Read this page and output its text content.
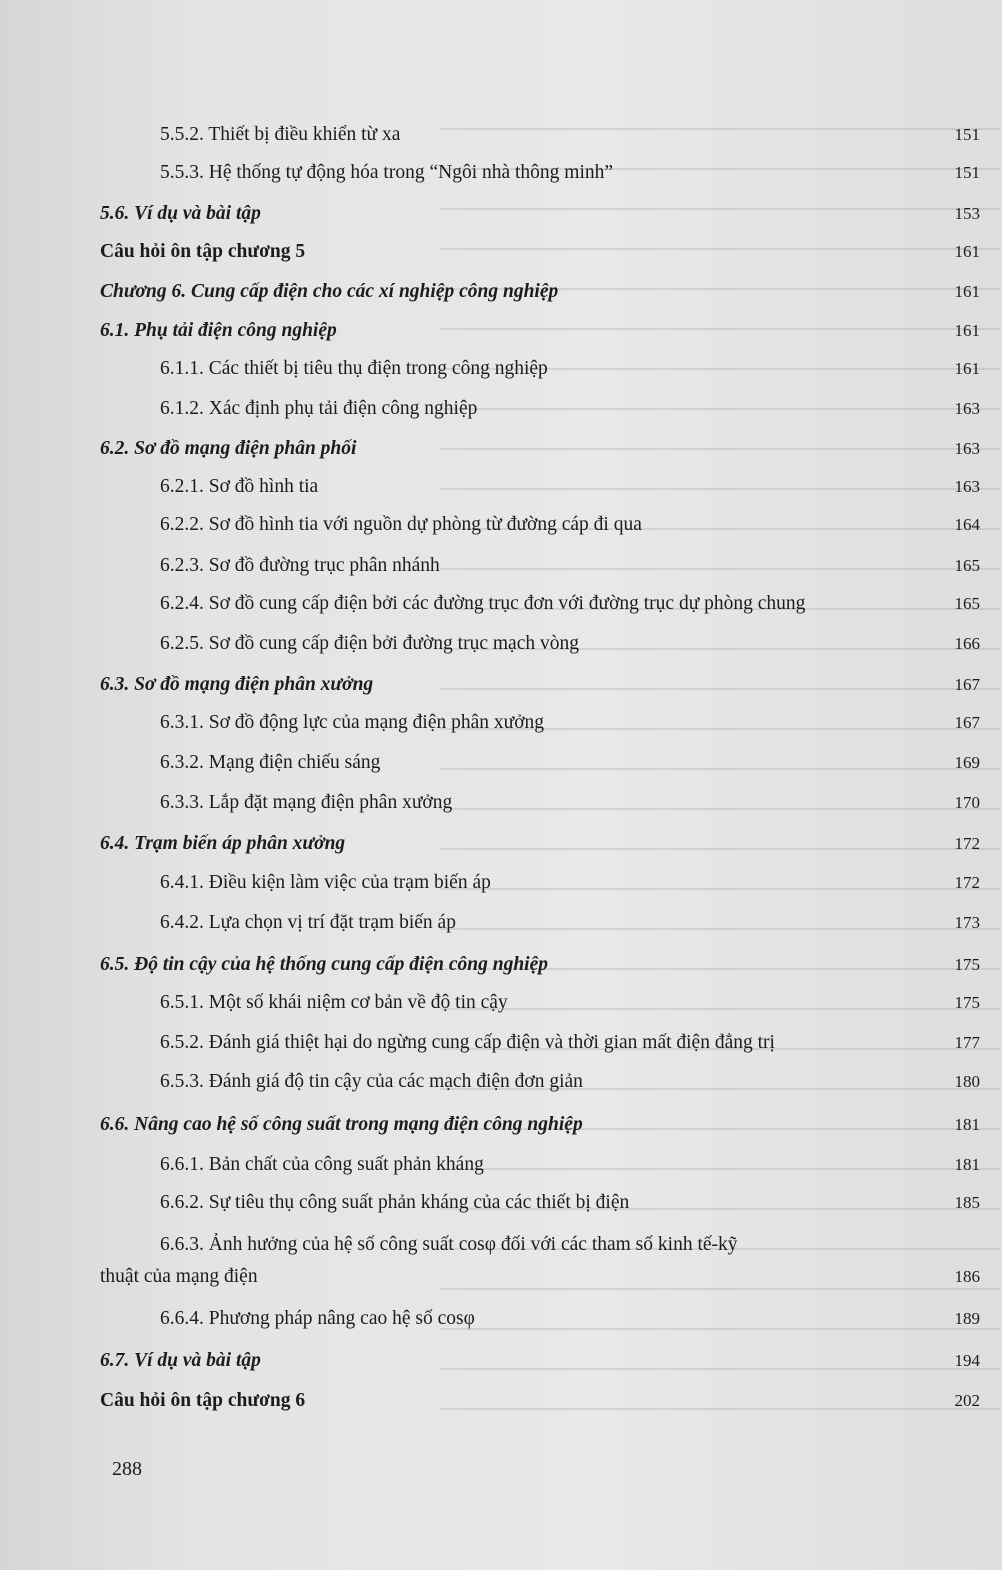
5.5.2. Thiết bị điều khiển từ xa	151
5.5.3. Hệ thống tự động hóa trong “Ngôi nhà thông minh”	151
5.6. Ví dụ và bài tập	153
Câu hỏi ôn tập chương 5	161
Chương 6. Cung cấp điện cho các xí nghiệp công nghiệp	161
6.1. Phụ tải điện công nghiệp	161
6.1.1. Các thiết bị tiêu thụ điện trong công nghiệp	161
6.1.2. Xác định phụ tải điện công nghiệp	163
6.2. Sơ đồ mạng điện phân phối	163
6.2.1. Sơ đồ hình tia	163
6.2.2. Sơ đồ hình tia với nguồn dự phòng từ đường cáp đi qua	164
6.2.3. Sơ đồ đường trục phân nhánh	165
6.2.4. Sơ đồ cung cấp điện bởi các đường trục đơn với đường trục dự phòng chung	165
6.2.5. Sơ đồ cung cấp điện bởi đường trục mạch vòng	166
6.3. Sơ đồ mạng điện phân xưởng	167
6.3.1. Sơ đồ động lực của mạng điện phân xưởng	167
6.3.2. Mạng điện chiếu sáng	169
6.3.3. Lắp đặt mạng điện phân xưởng	170
6.4. Trạm biến áp phân xưởng	172
6.4.1. Điều kiện làm việc của trạm biến áp	172
6.4.2. Lựa chọn vị trí đặt trạm biến áp	173
6.5. Độ tin cậy của hệ thống cung cấp điện công nghiệp	175
6.5.1. Một số khái niệm cơ bản về độ tin cậy	175
6.5.2. Đánh giá thiệt hại do ngừng cung cấp điện và thời gian mất điện đẳng trị	177
6.5.3. Đánh giá độ tin cậy của các mạch điện đơn giản	180
6.6. Nâng cao hệ số công suất trong mạng điện công nghiệp	181
6.6.1. Bản chất của công suất phản kháng	181
6.6.2. Sự tiêu thụ công suất phản kháng của các thiết bị điện	185
6.6.3. Ảnh hưởng của hệ số công suất cosφ đối với các tham số kinh tế-kỹ
thuật của mạng điện	186
6.6.4. Phương pháp nâng cao hệ số cosφ	189
6.7. Ví dụ và bài tập	194
Câu hỏi ôn tập chương 6	202
288
